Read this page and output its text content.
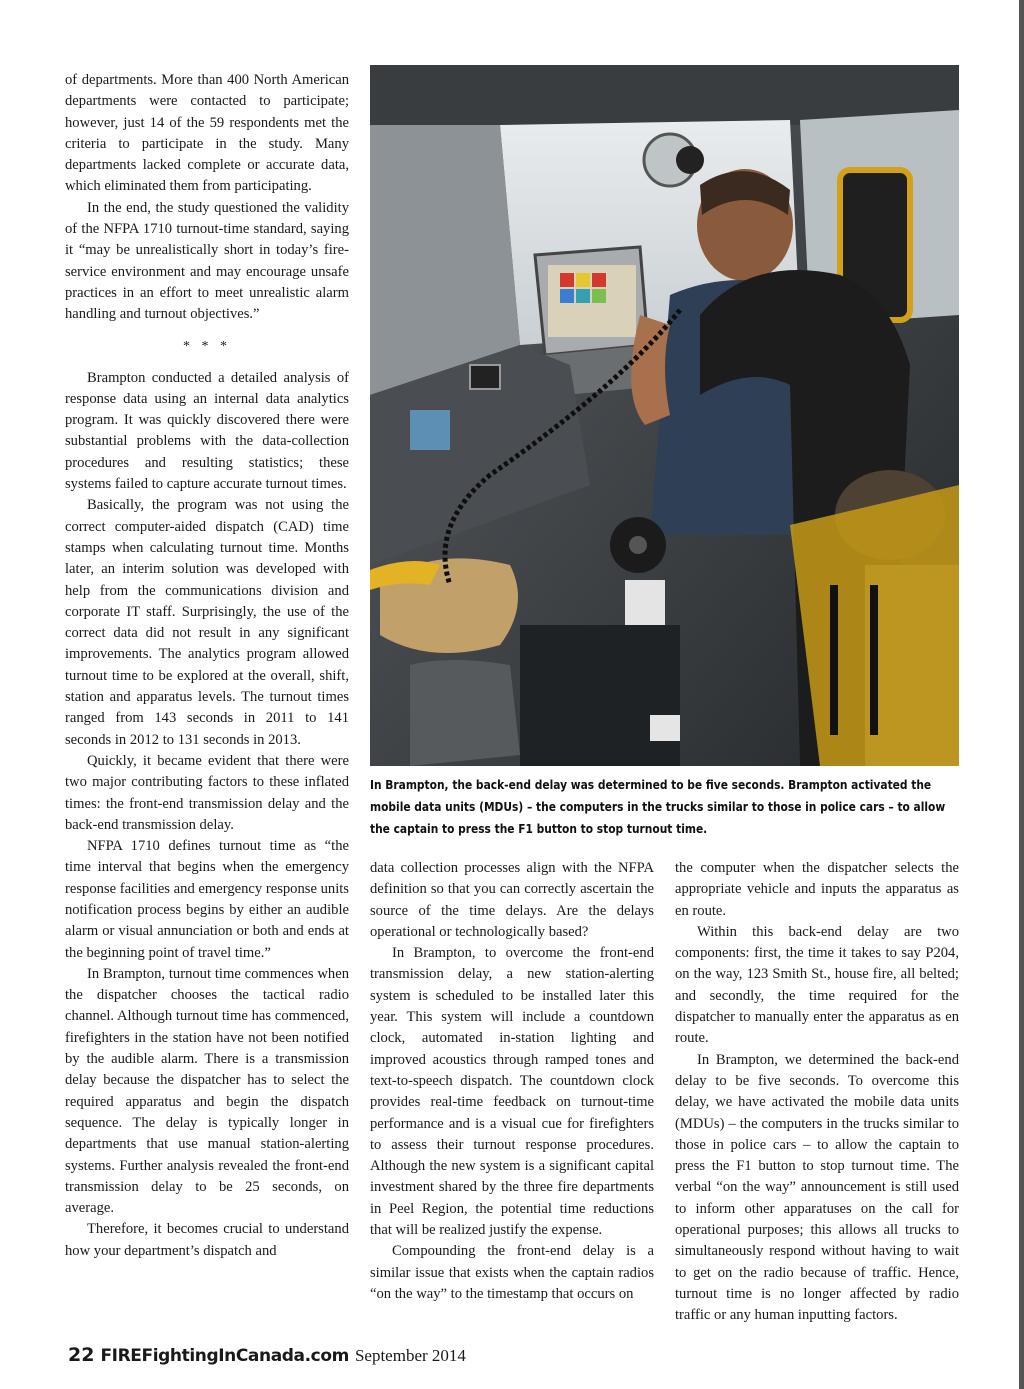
of departments. More than 400 North American departments were contacted to participate; however, just 14 of the 59 respondents met the criteria to participate in the study. Many departments lacked complete or accurate data, which eliminated them from participating.

In the end, the study questioned the validity of the NFPA 1710 turnout-time standard, saying it “may be unrealistically short in today’s fire-service environment and may encourage unsafe practices in an effort to meet unrealistic alarm handling and turnout objectives.”

* * *

Brampton conducted a detailed analysis of response data using an internal data analytics program. It was quickly discovered there were substantial problems with the data-collection procedures and resulting statistics; these systems failed to capture accurate turnout times.

Basically, the program was not using the correct computer-aided dispatch (CAD) time stamps when calculating turnout time. Months later, an interim solution was developed with help from the communications division and corporate IT staff. Surprisingly, the use of the correct data did not result in any significant improvements. The analytics program allowed turnout time to be explored at the overall, shift, station and apparatus levels. The turnout times ranged from 143 seconds in 2011 to 141 seconds in 2012 to 131 seconds in 2013.

Quickly, it became evident that there were two major contributing factors to these inflated times: the front-end transmission delay and the back-end transmission delay.

NFPA 1710 defines turnout time as “the time interval that begins when the emergency response facilities and emergency response units notification process begins by either an audible alarm or visual annunciation or both and ends at the beginning point of travel time.”

In Brampton, turnout time commences when the dispatcher chooses the tactical radio channel. Although turnout time has commenced, firefighters in the station have not been notified by the audible alarm. There is a transmission delay because the dispatcher has to select the required apparatus and begin the dispatch sequence. The delay is typically longer in departments that use manual station-alerting systems. Further analysis revealed the front-end transmission delay to be 25 seconds, on average.

Therefore, it becomes crucial to understand how your department’s dispatch and

In Brampton, the back-end delay was determined to be five seconds. Brampton activated the mobile data units (MDUs) – the computers in the trucks similar to those in police cars – to allow the captain to press the F1 button to stop turnout time.

data collection processes align with the NFPA definition so that you can correctly ascertain the source of the time delays. Are the delays operational or technologically based?

In Brampton, to overcome the front-end transmission delay, a new station-alerting system is scheduled to be installed later this year. This system will include a countdown clock, automated in-station lighting and improved acoustics through ramped tones and text-to-speech dispatch. The countdown clock provides real-time feedback on turnout-time performance and is a visual cue for firefighters to assess their turnout response procedures. Although the new system is a significant capital investment shared by the three fire departments in Peel Region, the potential time reductions that will be realized justify the expense.

Compounding the front-end delay is a similar issue that exists when the captain radios “on the way” to the timestamp that occurs on

the computer when the dispatcher selects the appropriate vehicle and inputs the apparatus as en route.

Within this back-end delay are two components: first, the time it takes to say P204, on the way, 123 Smith St., house fire, all belted; and secondly, the time required for the dispatcher to manually enter the apparatus as en route.

In Brampton, we determined the back-end delay to be five seconds. To overcome this delay, we have activated the mobile data units (MDUs) – the computers in the trucks similar to those in police cars – to allow the captain to press the F1 button to stop turnout time. The verbal “on the way” announcement is still used to inform other apparatuses on the call for operational purposes; this allows all trucks to simultaneously respond without having to wait to get on the radio because of traffic. Hence, turnout time is no longer affected by radio traffic or any human inputting factors.

22 FIREFightingInCanada.com September 2014
